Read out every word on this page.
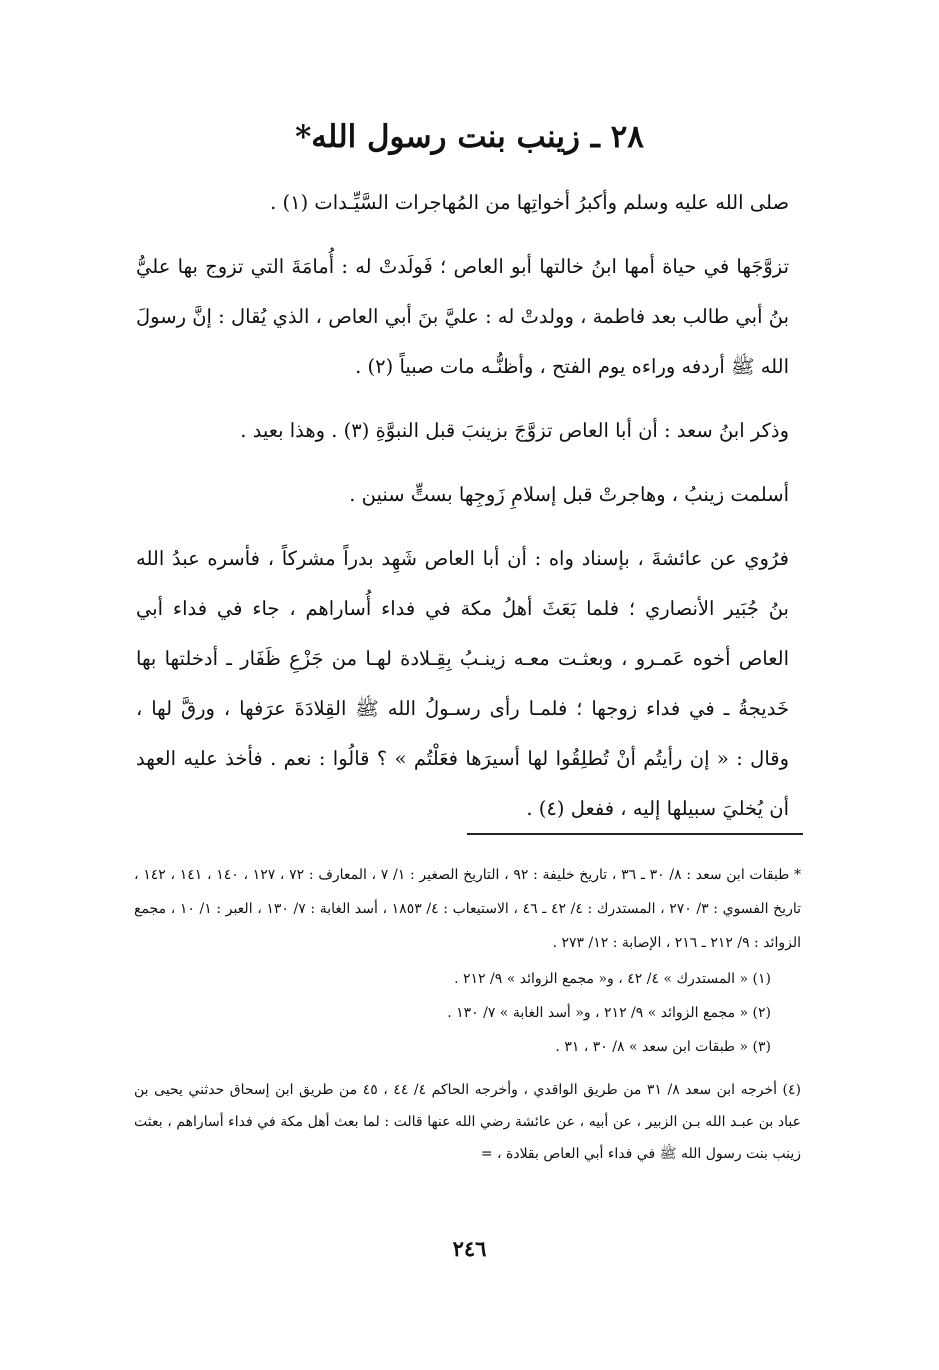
٢٨ ـ زينب بنت رسول الله*

صلى الله عليه وسلم وأكبرُ أخواتِها من المُهاجرات السَّيِّـدات (١) .

تزوَّجَها في حياة أمها ابنُ خالتها أبو العاص ؛ فَولَدتْ له : أُمامَةَ التي تزوج بها عليُّ بنُ أبي طالب بعد فاطمة ، وولدتْ له : عليَّ بنَ أبي العاص ، الذي يُقال : إنَّ رسولَ الله ﷺ أردفه وراءه يوم الفتح ، وأظنُّـه مات صبياً (٢) .

وذكر ابنُ سعد : أن أبا العاص تزوَّجَ بزينبَ قبل النبوَّةِ (٣) . وهذا بعيد .

أسلمت زينبُ ، وهاجرتْ قبل إسلامِ زَوجِها بستٍّ سنين .

فرُوي عن عائشةَ ، بإسناد واه : أن أبا العاص شَهِد بدراً مشركاً ، فأسره عبدُ الله بنُ جُبَير الأنصاري ؛ فلما بَعَثَ أهلُ مكة في فداء أُساراهم ، جاء في فداء أبي العاص أخوه عَمـرو ، وبعثـت معـه زينـبُ بِقِـلادة لهـا من جَزْعِ ظَفَار ـ أدخلتها بها خَديجةُ ـ في فداء زوجها ؛ فلمـا رأى رسـولُ الله ﷺ القِلادَةَ عرَفها ، ورقَّ لها ، وقال : « إن رأيتُم أنْ تُطلِقُوا لها أسيرَها فعَلْتُم » ؟ قالُوا : نعم . فأخذ عليه العهد أن يُخليَ سبيلها إليه ، ففعل (٤) .

* طبقات ابن سعد : ٨/ ٣٠ ـ ٣٦ ، تاريخ خليفة : ٩٢ ، التاريخ الصغير : ١/ ٧ ، المعارف : ٧٢ ، ١٢٧ ، ١٤٠ ، ١٤١ ، ١٤٢ ، تاريخ الفسوي : ٣/ ٢٧٠ ، المستدرك : ٤/ ٤٢ ـ ٤٦ ، الاستيعاب : ٤/ ١٨٥٣ ، أسد الغابة : ٧/ ١٣٠ ، العبر : ١/ ١٠ ، مجمع الزوائد : ٩/ ٢١٢ ـ ٢١٦ ، الإصابة : ١٢/ ٢٧٣ .

(١) « المستدرك » ٤/ ٤٢ ، و« مجمع الزوائد » ٩/ ٢١٢ .

(٢) « مجمع الزوائد » ٩/ ٢١٢ ، و« أسد الغابة » ٧/ ١٣٠ .

(٣) « طبقات ابن سعد » ٨/ ٣٠ ، ٣١ .

(٤) أخرجه ابن سعد ٨/ ٣١ من طريق الواقدي ، وأخرجه الحاكم ٤/ ٤٤ ، ٤٥ من طريق ابن إسحاق حدثني يحيى بن عباد بن عبـد الله بـن الزبير ، عن أبيه ، عن عائشة رضي الله عنها قالت : لما بعث أهل مكة في فداء أساراهم ، بعثت زينب بنت رسول الله ﷺ في فداء أبي العاص بقلادة ، =

٢٤٦
